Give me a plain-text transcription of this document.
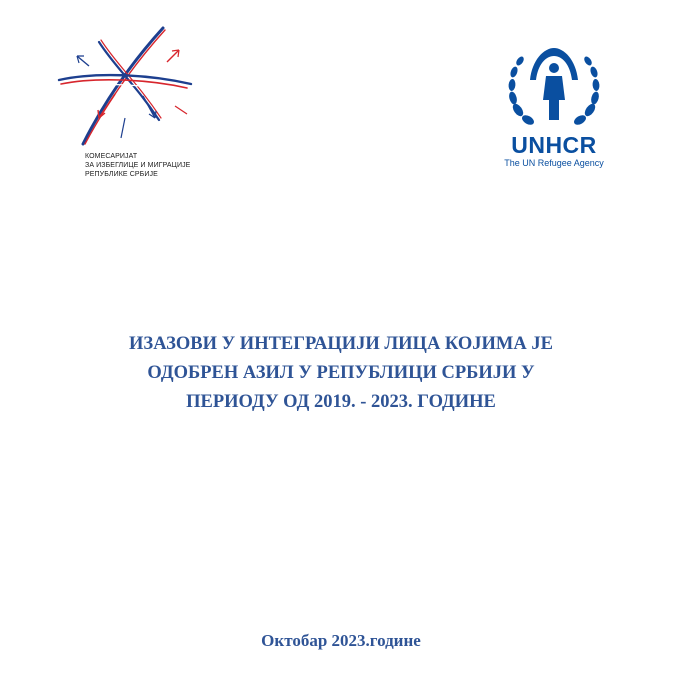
КОМЕСАРИЈАТ
ЗА ИЗБЕГЛИЦЕ И МИГРАЦИЈЕ
РЕПУБЛИКЕ СРБИЈЕ
UNHCR
The UN Refugee Agency
ИЗАЗОВИ У ИНТЕГРАЦИЈИ ЛИЦА КОЈИМА ЈЕ
ОДОБРЕН АЗИЛ У РЕПУБЛИЦИ СРБИЈИ У
ПЕРИОДУ ОД 2019. - 2023. ГОДИНЕ
Октобар 2023.године
